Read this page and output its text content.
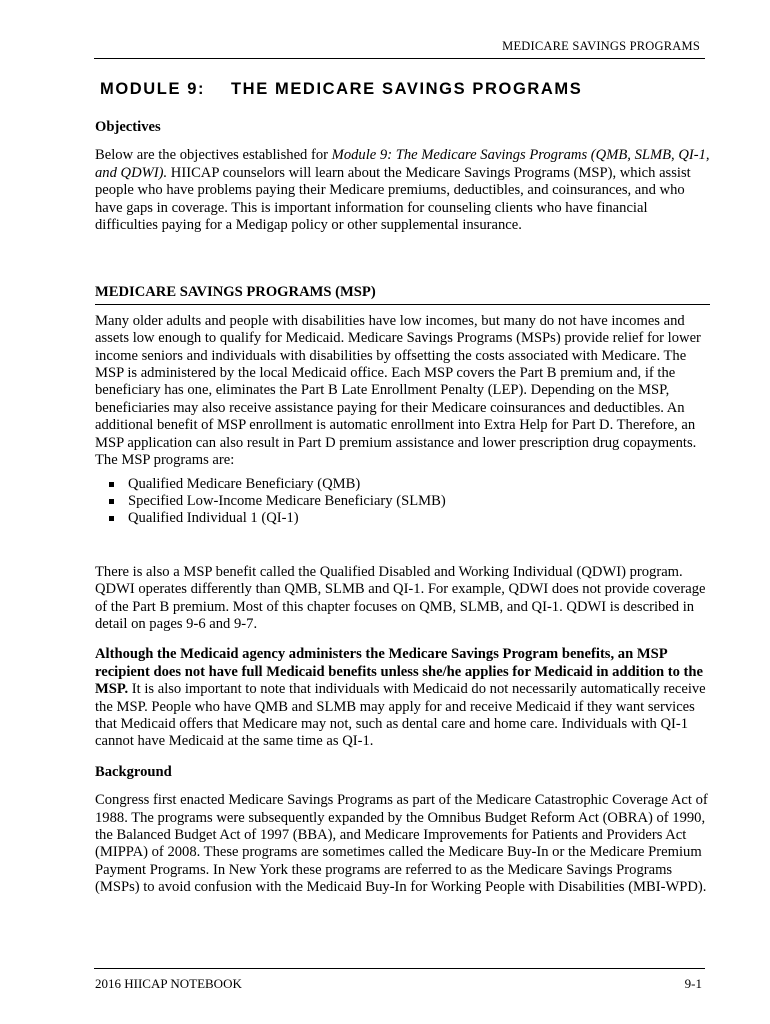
MEDICARE SAVINGS PROGRAMS
MODULE 9: THE MEDICARE SAVINGS PROGRAMS
Objectives

Below are the objectives established for Module 9: The Medicare Savings Programs (QMB, SLMB, QI-1, and QDWI). HIICAP counselors will learn about the Medicare Savings Programs (MSP), which assist people who have problems paying their Medicare premiums, deductibles, and coinsurances, and who have gaps in coverage. This is important information for counseling clients who have financial difficulties paying for a Medigap policy or other supplemental insurance.

MEDICARE SAVINGS PROGRAMS (MSP)

Many older adults and people with disabilities have low incomes, but many do not have incomes and assets low enough to qualify for Medicaid. Medicare Savings Programs (MSPs) provide relief for lower income seniors and individuals with disabilities by offsetting the costs associated with Medicare. The MSP is administered by the local Medicaid office. Each MSP covers the Part B premium and, if the beneficiary has one, eliminates the Part B Late Enrollment Penalty (LEP). Depending on the MSP, beneficiaries may also receive assistance paying for their Medicare coinsurances and deductibles. An additional benefit of MSP enrollment is automatic enrollment into Extra Help for Part D. Therefore, an MSP application can also result in Part D premium assistance and lower prescription drug copayments. The MSP programs are:

Qualified Medicare Beneficiary (QMB)
Specified Low-Income Medicare Beneficiary (SLMB)
Qualified Individual 1 (QI-1)

There is also a MSP benefit called the Qualified Disabled and Working Individual (QDWI) program. QDWI operates differently than QMB, SLMB and QI-1. For example, QDWI does not provide coverage of the Part B premium. Most of this chapter focuses on QMB, SLMB, and QI-1. QDWI is described in detail on pages 9-6 and 9-7.

Although the Medicaid agency administers the Medicare Savings Program benefits, an MSP recipient does not have full Medicaid benefits unless she/he applies for Medicaid in addition to the MSP. It is also important to note that individuals with Medicaid do not necessarily automatically receive the MSP. People who have QMB and SLMB may apply for and receive Medicaid if they want services that Medicaid offers that Medicare may not, such as dental care and home care. Individuals with QI-1 cannot have Medicaid at the same time as QI-1.

Background

Congress first enacted Medicare Savings Programs as part of the Medicare Catastrophic Coverage Act of 1988. The programs were subsequently expanded by the Omnibus Budget Reform Act (OBRA) of 1990, the Balanced Budget Act of 1997 (BBA), and Medicare Improvements for Patients and Providers Act (MIPPA) of 2008. These programs are sometimes called the Medicare Buy-In or the Medicare Premium Payment Programs. In New York these programs are referred to as the Medicare Savings Programs (MSPs) to avoid confusion with the Medicaid Buy-In for Working People with Disabilities (MBI-WPD).

2016 HIICAP NOTEBOOK	9-1
